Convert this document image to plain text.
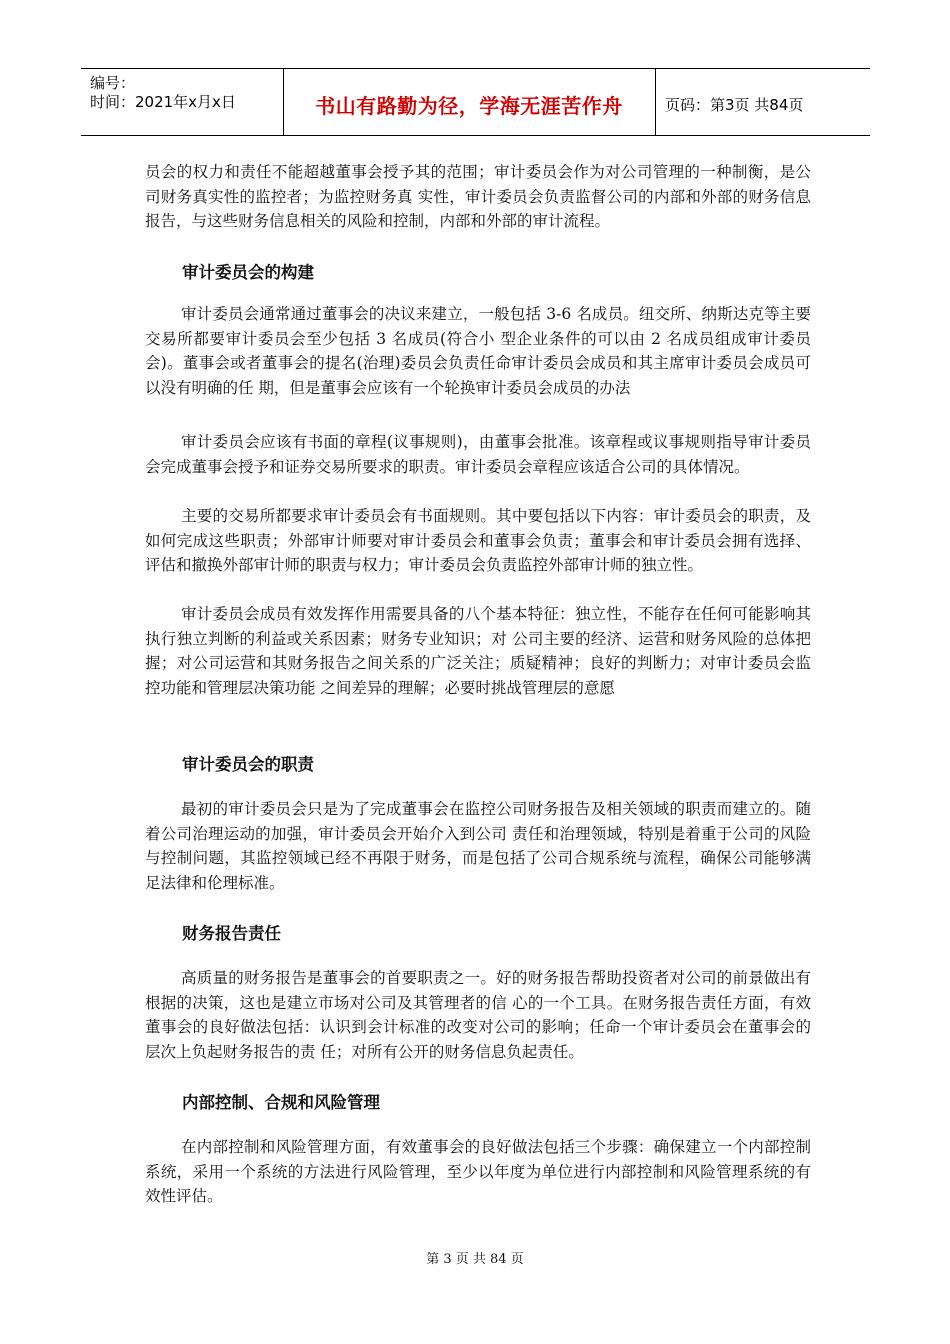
编号：
时间：2021年x月x日	书山有路勤为径，学海无涯苦作舟	页码：第3页 共84页

员会的权力和责任不能超越董事会授予其的范围；审计委员会作为对公司管理的一种制衡，是公司财务真实性的监控者；为监控财务真 实性，审计委员会负责监督公司的内部和外部的财务信息报告，与这些财务信息相关的风险和控制，内部和外部的审计流程。

审计委员会的构建

审计委员会通常通过董事会的决议来建立，一般包括 3-6 名成员。纽交所、纳斯达克等主要交易所都要审计委员会至少包括 3 名成员(符合小 型企业条件的可以由 2 名成员组成审计委员会)。董事会或者董事会的提名(治理)委员会负责任命审计委员会成员和其主席审计委员会成员可以没有明确的任 期，但是董事会应该有一个轮换审计委员会成员的办法

审计委员会应该有书面的章程(议事规则)，由董事会批准。该章程或议事规则指导审计委员会完成董事会授予和证券交易所要求的职责。审计委员会章程应该适合公司的具体情况。

主要的交易所都要求审计委员会有书面规则。其中要包括以下内容：审计委员会的职责，及如何完成这些职责；外部审计师要对审计委员会和董事会负责；董事会和审计委员会拥有选择、评估和撤换外部审计师的职责与权力；审计委员会负责监控外部审计师的独立性。

审计委员会成员有效发挥作用需要具备的八个基本特征：独立性，不能存在任何可能影响其执行独立判断的利益或关系因素；财务专业知识；对 公司主要的经济、运营和财务风险的总体把握；对公司运营和其财务报告之间关系的广泛关注；质疑精神；良好的判断力；对审计委员会监控功能和管理层决策功能 之间差异的理解；必要时挑战管理层的意愿

审计委员会的职责

最初的审计委员会只是为了完成董事会在监控公司财务报告及相关领域的职责而建立的。随着公司治理运动的加强，审计委员会开始介入到公司 责任和治理领域，特别是着重于公司的风险与控制问题，其监控领域已经不再限于财务，而是包括了公司合规系统与流程，确保公司能够满足法律和伦理标准。

财务报告责任

高质量的财务报告是董事会的首要职责之一。好的财务报告帮助投资者对公司的前景做出有根据的决策，这也是建立市场对公司及其管理者的信 心的一个工具。在财务报告责任方面，有效董事会的良好做法包括：认识到会计标准的改变对公司的影响；任命一个审计委员会在董事会的层次上负起财务报告的责 任；对所有公开的财务信息负起责任。

内部控制、合规和风险管理

在内部控制和风险管理方面，有效董事会的良好做法包括三个步骤：确保建立一个内部控制系统，采用一个系统的方法进行风险管理，至少以年度为单位进行内部控制和风险管理系统的有效性评估。

第 3 页 共 84 页
